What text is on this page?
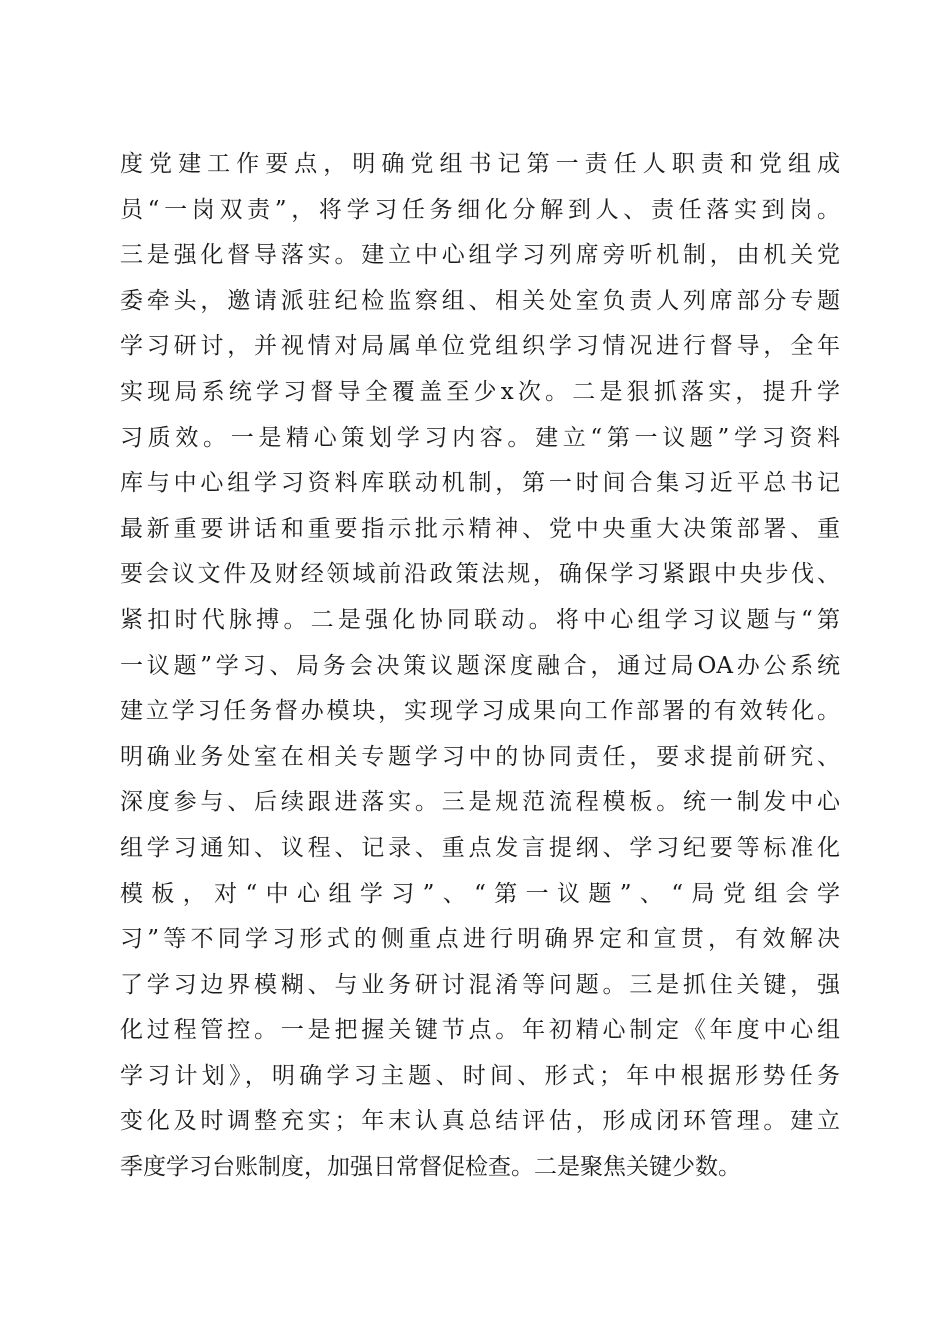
度党建工作要点，明确党组书记第一责任人职责和党组成
员“一岗双责”，将学习任务细化分解到人、责任落实到岗。
三是强化督导落实。建立中心组学习列席旁听机制，由机关党
委牵头，邀请派驻纪检监察组、相关处室负责人列席部分专题
学习研讨，并视情对局属单位党组织学习情况进行督导，全年
实现局系统学习督导全覆盖至少x次。二是狠抓落实，提升学
习质效。一是精心策划学习内容。建立“第一议题”学习资料
库与中心组学习资料库联动机制，第一时间合集习近平总书记
最新重要讲话和重要指示批示精神、党中央重大决策部署、重
要会议文件及财经领域前沿政策法规，确保学习紧跟中央步伐、
紧扣时代脉搏。二是强化协同联动。将中心组学习议题与“第
一议题”学习、局务会决策议题深度融合，通过局OA办公系统
建立学习任务督办模块，实现学习成果向工作部署的有效转化。
明确业务处室在相关专题学习中的协同责任，要求提前研究、
深度参与、后续跟进落实。三是规范流程模板。统一制发中心
组学习通知、议程、记录、重点发言提纲、学习纪要等标准化
模板，对“中心组学习”、“第一议题”、“局党组会学
习”等不同学习形式的侧重点进行明确界定和宣贯，有效解决
了学习边界模糊、与业务研讨混淆等问题。三是抓住关键，强
化过程管控。一是把握关键节点。年初精心制定《年度中心组
学习计划》，明确学习主题、时间、形式；年中根据形势任务
变化及时调整充实；年末认真总结评估，形成闭环管理。建立
季度学习台账制度，加强日常督促检查。二是聚焦关键少数。
